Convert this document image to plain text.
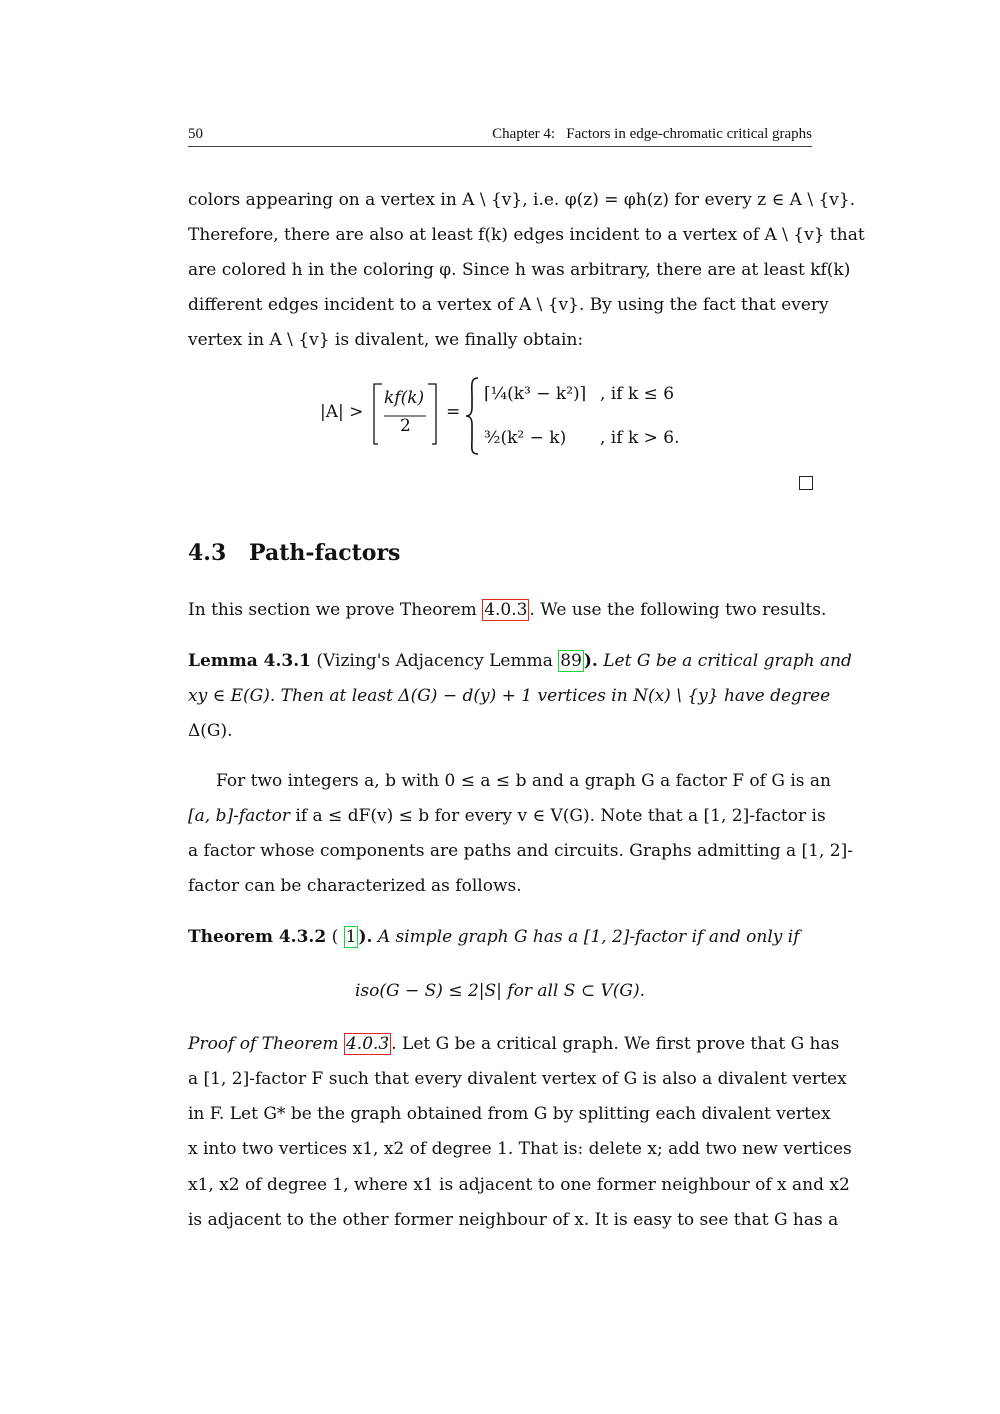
50	Chapter 4:   Factors in edge-chromatic critical graphs
colors appearing on a vertex in A \ {v}, i.e. φ(z) = φh(z) for every z ∈ A \ {v}.
Therefore, there are also at least f(k) edges incident to a vertex of A \ {v} that
are colored h in the coloring φ. Since h was arbitrary, there are at least kf(k)
different edges incident to a vertex of A \ {v}. By using the fact that every
vertex in A \ {v} is divalent, we finally obtain:
|A| >
kf(k)
2
=
⌈¼(k³ − k²)⌉ , if k ≤ 6
³⁄₂(k² − k) , if k > 6.
4.3 Path-factors
In this section we prove Theorem 4.0.3 . We use the following two results.
Lemma 4.3.1 (Vizing's Adjacency Lemma 89 ). Let G be a critical graph and
xy ∈ E(G). Then at least Δ(G) − d(y) + 1 vertices in N(x) \ {y} have degree
Δ(G).
For two integers a, b with 0 ≤ a ≤ b and a graph G a factor F of G is an
[a, b]-factor if a ≤ dF(v) ≤ b for every v ∈ V(G). Note that a [1, 2]-factor is
a factor whose components are paths and circuits. Graphs admitting a [1, 2]-
factor can be characterized as follows.
Theorem 4.3.2 ( 1 ). A simple graph G has a [1, 2]-factor if and only if
iso(G − S) ≤ 2|S| for all S ⊂ V(G).
Proof of Theorem 4.0.3 . Let G be a critical graph. We first prove that G has
a [1, 2]-factor F such that every divalent vertex of G is also a divalent vertex
in F. Let G* be the graph obtained from G by splitting each divalent vertex
x into two vertices x1, x2 of degree 1. That is: delete x; add two new vertices
x1, x2 of degree 1, where x1 is adjacent to one former neighbour of x and x2
is adjacent to the other former neighbour of x. It is easy to see that G has a
